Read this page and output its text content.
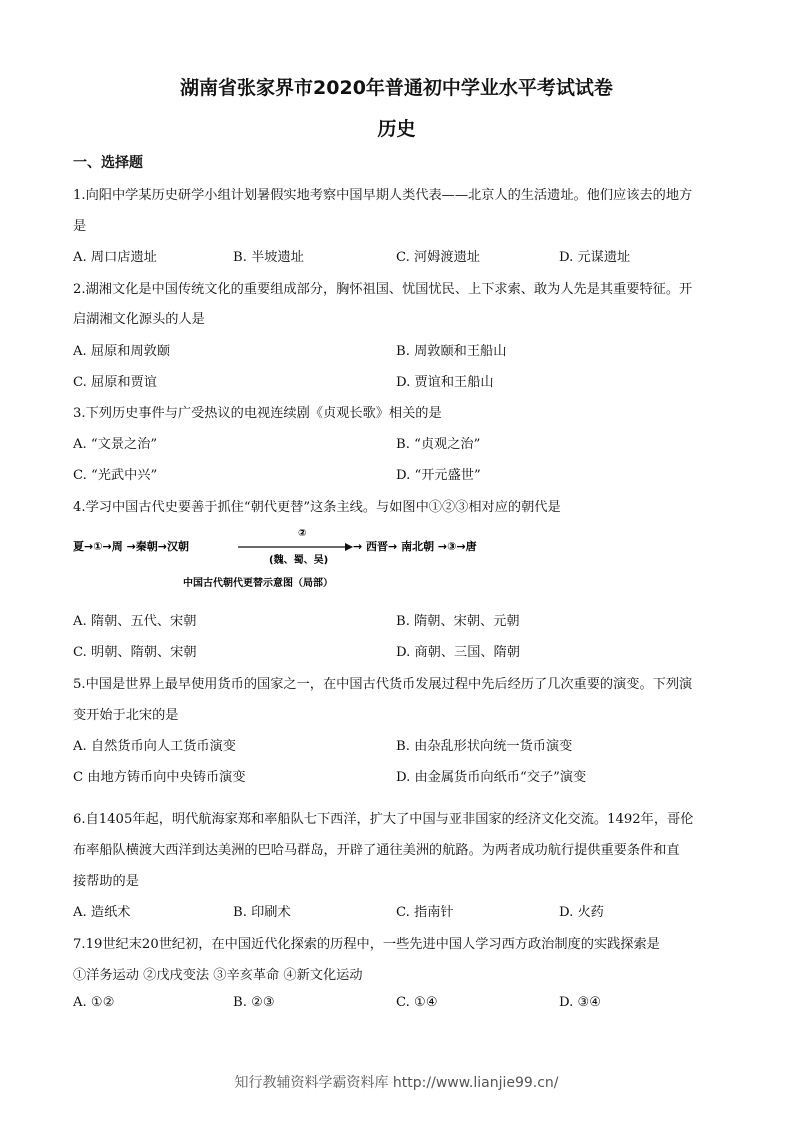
湖南省张家界市2020年普通初中学业水平考试试卷
历史
一、选择题
1.向阳中学某历史研学小组计划暑假实地考察中国早期人类代表——北京人的生活遗址。他们应该去的地方
是
A. 周口店遗址	B. 半坡遗址	C. 河姆渡遗址	D. 元谋遗址
2.湖湘文化是中国传统文化的重要组成部分，胸怀祖国、忧国忧民、上下求索、敢为人先是其重要特征。开
启湖湘文化源头的人是
A. 屈原和周敦颐	B. 周敦颐和王船山
C. 屈原和贾谊	D. 贾谊和王船山
3.下列历史事件与广受热议的电视连续剧《贞观长歌》相关的是
A. “文景之治”	B. “贞观之治”
C. “光武中兴”	D. “开元盛世”
4.学习中国古代史要善于抓住“朝代更替”这条主线。与如图中①②③相对应的朝代是
夏→①→周 →秦朝→汉朝
②
(魏、蜀、吴)
→ 西晋→ 南北朝 →③→唐
中国古代朝代更替示意图（局部）
A. 隋朝、五代、宋朝	B. 隋朝、宋朝、元朝
C. 明朝、隋朝、宋朝	D. 商朝、三国、隋朝
5.中国是世界上最早使用货币的国家之一，在中国古代货币发展过程中先后经历了几次重要的演变。下列演
变开始于北宋的是
A. 自然货币向人工货币演变	B. 由杂乱形状向统一货币演变
C 由地方铸币向中央铸币演变	D. 由金属货币向纸币“交子”演变
6.自1405年起，明代航海家郑和率船队七下西洋，扩大了中国与亚非国家的经济文化交流。1492年，哥伦
布率船队横渡大西洋到达美洲的巴哈马群岛，开辟了通往美洲的航路。为两者成功航行提供重要条件和直
接帮助的是
A. 造纸术	B. 印刷术	C. 指南针	D. 火药
7.19世纪末20世纪初，在中国近代化探索的历程中，一些先进中国人学习西方政治制度的实践探索是
①洋务运动 ②戊戌变法 ③辛亥革命 ④新文化运动
A. ①②	B. ②③	C. ①④	D. ③④
知行教辅资料学霸资料库 http://www.lianjie99.cn/
